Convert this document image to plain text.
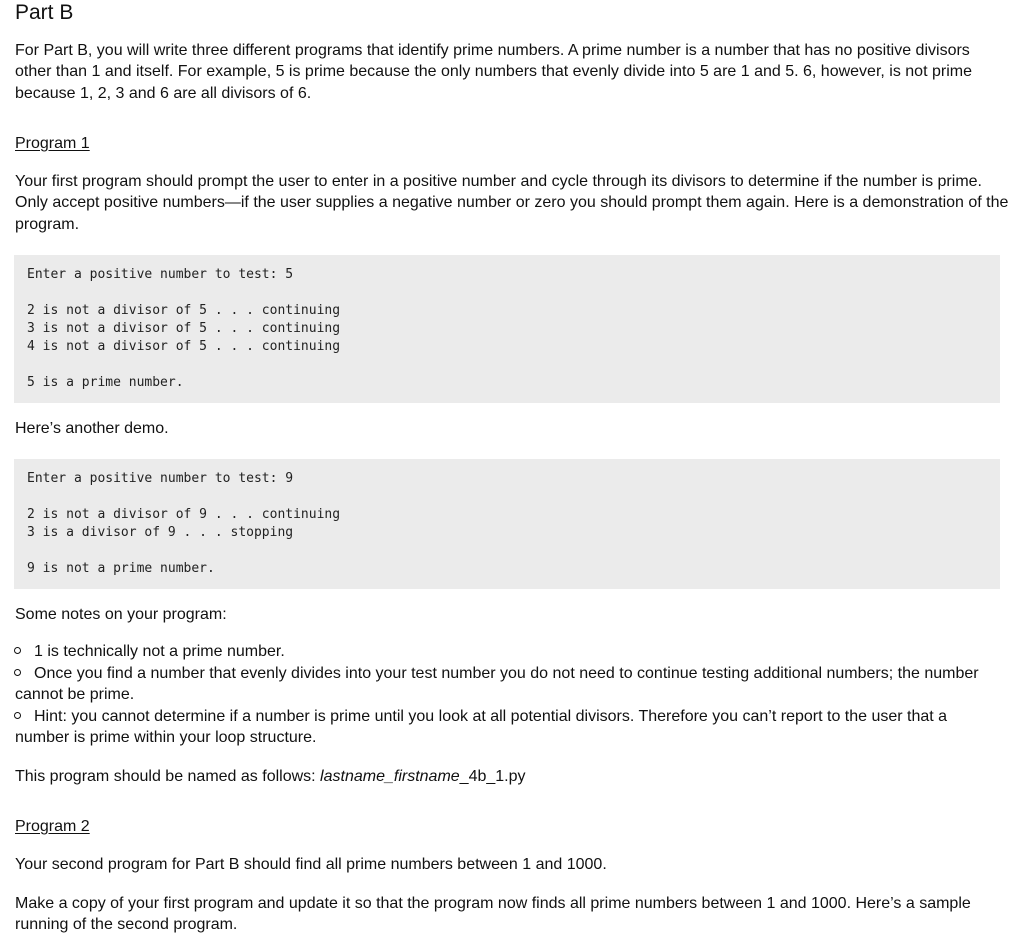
Part B

For Part B, you will write three different programs that identify prime numbers. A prime number is a number that has no positive divisors other than 1 and itself. For example, 5 is prime because the only numbers that evenly divide into 5 are 1 and 5. 6, however, is not prime because 1, 2, 3 and 6 are all divisors of 6.

Program 1

Your first program should prompt the user to enter in a positive number and cycle through its divisors to determine if the number is prime. Only accept positive numbers—if the user supplies a negative number or zero you should prompt them again. Here is a demonstration of the program.

Enter a positive number to test: 5
2 is not a divisor of 5 . . . continuing
3 is not a divisor of 5 . . . continuing
4 is not a divisor of 5 . . . continuing
5 is a prime number.

Here’s another demo.

Enter a positive number to test: 9
2 is not a divisor of 9 . . . continuing
3 is a divisor of 9 . . . stopping
9 is not a prime number.

Some notes on your program:

1 is technically not a prime number.

Once you find a number that evenly divides into your test number you do not need to continue testing additional numbers; the number cannot be prime.

Hint: you cannot determine if a number is prime until you look at all potential divisors. Therefore you can’t report to the user that a number is prime within your loop structure.

This program should be named as follows: lastname_firstname_4b_1.py

Program 2

Your second program for Part B should find all prime numbers between 1 and 1000.

Make a copy of your first program and update it so that the program now finds all prime numbers between 1 and 1000. Here’s a sample running of the second program.
